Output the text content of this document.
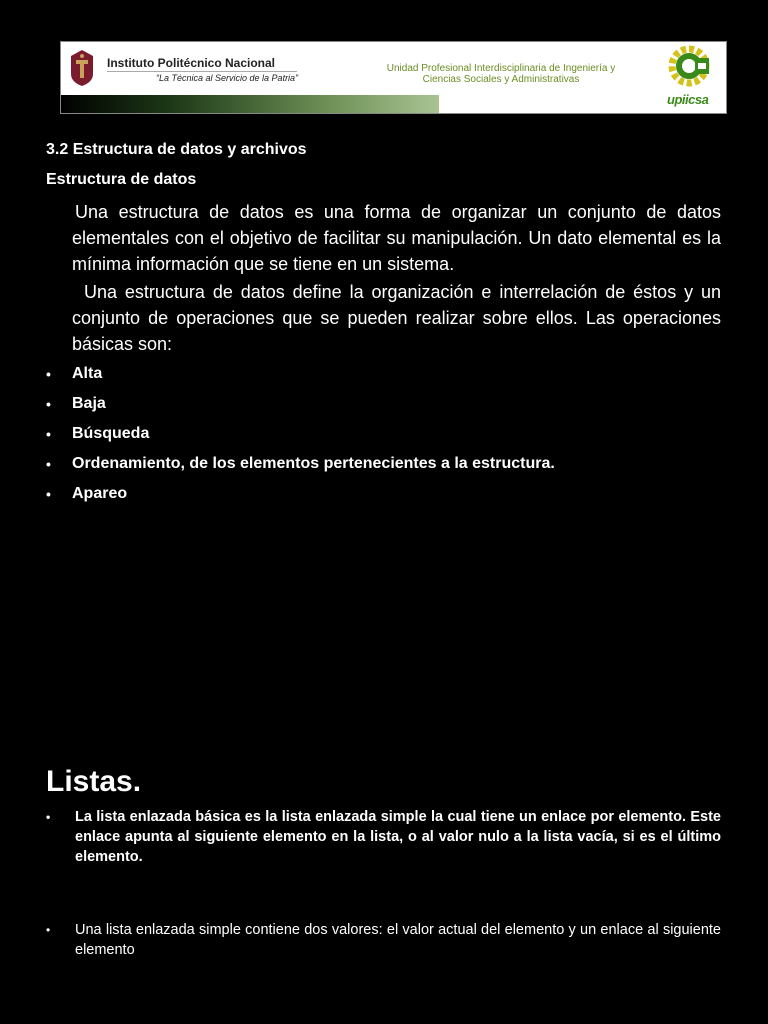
Instituto Politécnico Nacional
“La Técnica al Servicio de la Patria”
Unidad Profesional Interdisciplinaria de Ingeniería y
Ciencias Sociales y Administrativas
upiicsa
3.2 Estructura de datos y archivos
Estructura de datos
Una estructura de datos es una forma de organizar un conjunto de datos elementales con el objetivo de facilitar su manipulación. Un dato elemental es la mínima información que se tiene en un sistema.
Una estructura de datos define la organización e interrelación de éstos y un conjunto de operaciones que se pueden realizar sobre ellos. Las operaciones básicas son:
• Alta
• Baja
• Búsqueda
• Ordenamiento, de los elementos pertenecientes a la estructura.
• Apareo
Listas.
• La lista enlazada básica es la lista enlazada simple la cual tiene un enlace por elemento. Este enlace apunta al siguiente elemento en la lista, o al valor nulo a la lista vacía, si es el último elemento.
• Una lista enlazada simple contiene dos valores: el valor actual del elemento y un enlace al siguiente elemento
